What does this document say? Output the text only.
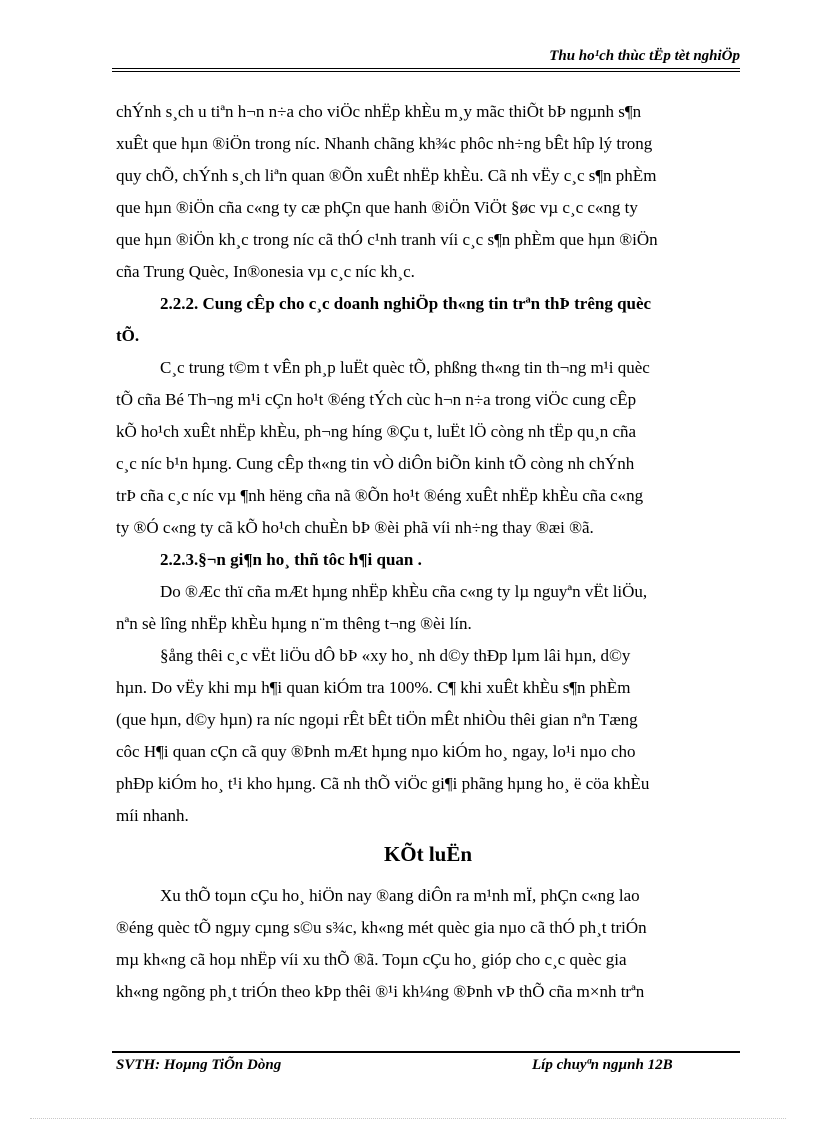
Thu ho¹ch thùc tËp tèt nghiÖp

chÝnh s¸ch u tiªn h¬n n÷a cho viÖc nhËp khÈu m¸y mãc thiÕt bÞ ngµnh s¶n

xuÊt que hµn ®iÖn trong níc. Nhanh chãng kh¾c phôc nh÷ng bÊt hîp lý trong

quy chÕ, chÝnh s¸ch liªn quan ®Õn xuÊt nhËp khÈu. Cã nh vËy c¸c s¶n phÈm

que hµn ®iÖn cña c«ng ty cæ phÇn que hanh ®iÖn ViÖt §øc vµ c¸c c«ng ty

que hµn ®iÖn kh¸c trong níc cã thÓ c¹nh tranh víi c¸c s¶n phÈm que hµn ®iÖn

cña Trung Quèc, In®onesia vµ c¸c níc kh¸c.

2.2.2. Cung cÊp cho c¸c doanh nghiÖp th«ng tin trªn thÞ trêng quèc

tÕ.

C¸c trung t©m t vÊn ph¸p luËt quèc tÕ, phßng th«ng tin th¬ng m¹i quèc

tÕ cña Bé Th¬ng m¹i cÇn ho¹t ®éng tÝch cùc h¬n n÷a trong viÖc cung cÊp

kÕ ho¹ch xuÊt nhËp khÈu, ph¬ng híng ®Çu t, luËt lÖ còng nh tËp qu¸n cña

c¸c níc b¹n hµng. Cung cÊp th«ng tin vÒ diÔn biÕn kinh tÕ còng nh chÝnh

trÞ cña c¸c níc vµ ¶nh hëng cña nã ®Õn ho¹t ®éng xuÊt nhËp khÈu cña c«ng

ty ®Ó c«ng ty cã kÕ ho¹ch chuÈn bÞ ®èi phã víi nh÷ng thay ®æi ®ã.

2.2.3.§¬n gi¶n ho¸ thñ tôc h¶i quan .

Do ®Æc thï cña mÆt hµng nhËp khÈu cña c«ng ty lµ nguyªn vËt liÖu,

nªn sè lîng nhËp khÈu hµng n¨m thêng t¬ng ®èi lín.

§ång thêi c¸c vËt liÖu dÔ bÞ «xy ho¸ nh d©y thÐp lµm lâi hµn, d©y

hµn. Do vËy khi mµ h¶i quan kiÓm tra 100%. C¶ khi xuÊt khÈu s¶n phÈm

(que hµn, d©y hµn) ra níc ngoµi rÊt bÊt tiÖn mÊt nhiÒu thêi gian nªn Tæng

côc H¶i quan cÇn cã quy ®Þnh mÆt hµng nµo kiÓm ho¸ ngay, lo¹i nµo cho

phÐp kiÓm ho¸ t¹i kho hµng. Cã nh thÕ viÖc gi¶i phãng hµng ho¸ ë cöa khÈu

míi nhanh.

KÕt luËn

Xu thÕ toµn cÇu ho¸ hiÖn nay ®ang diÔn ra m¹nh mÏ, phÇn c«ng lao

®éng quèc tÕ ngµy cµng s©u s¾c, kh«ng mét quèc gia nµo cã thÓ ph¸t triÓn

mµ kh«ng cã hoµ nhËp víi xu thÕ ®ã. Toµn cÇu ho¸ gióp cho c¸c quèc gia

kh«ng ngõng ph¸t triÓn theo kÞp thêi ®¹i kh¼ng ®Þnh vÞ thÕ cña m×nh trªn

SVTH: Hoµng TiÕn Dòng	Líp chuyªn ngµnh 12B
